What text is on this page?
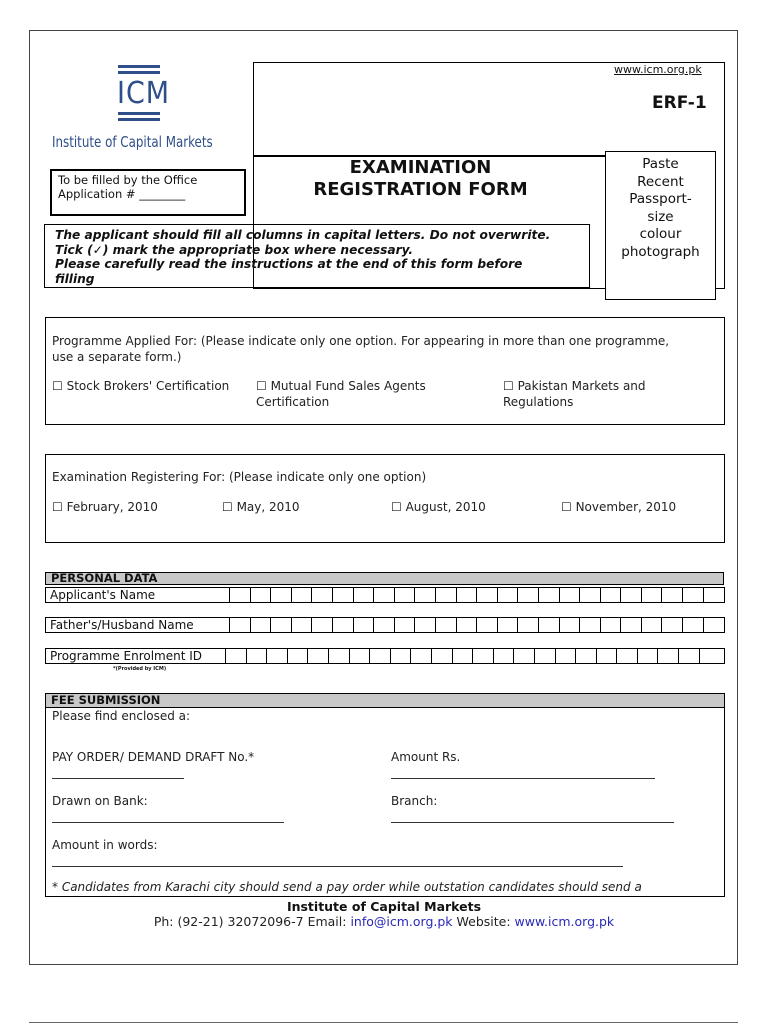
ICM
Institute of Capital Markets
www.icm.org.pk
ERF-1
EXAMINATION
REGISTRATION FORM
To be filled by the Office
Application # ________
The applicant should fill all columns in capital letters. Do not overwrite.
Tick (✓) mark the appropriate box where necessary.
Please carefully read the instructions at the end of this form before
filling
Paste
Recent
Passport-
size
colour
photograph
Programme Applied For: (Please indicate only one option. For appearing in more than one programme,
use a separate form.)
☐ Stock Brokers' Certification ☐ Mutual Fund Sales Agents
Certification
☐ Pakistan Markets and
Regulations
Examination Registering For: (Please indicate only one option)
☐ February, 2010	☐ May, 2010	☐ August, 2010	☐ November, 2010
PERSONAL DATA
Applicant's Name
Father's/Husband Name
Programme Enrolment ID
*(Provided by ICM)
FEE SUBMISSION
Please find enclosed a:
PAY ORDER/ DEMAND DRAFT No.*	Amount Rs.
Drawn on Bank:	Branch:
Amount in words:
* Candidates from Karachi city should send a pay order while outstation candidates should send a
Institute of Capital Markets
Ph: (92-21) 32072096-7 Email: info@icm.org.pk Website: www.icm.org.pk
